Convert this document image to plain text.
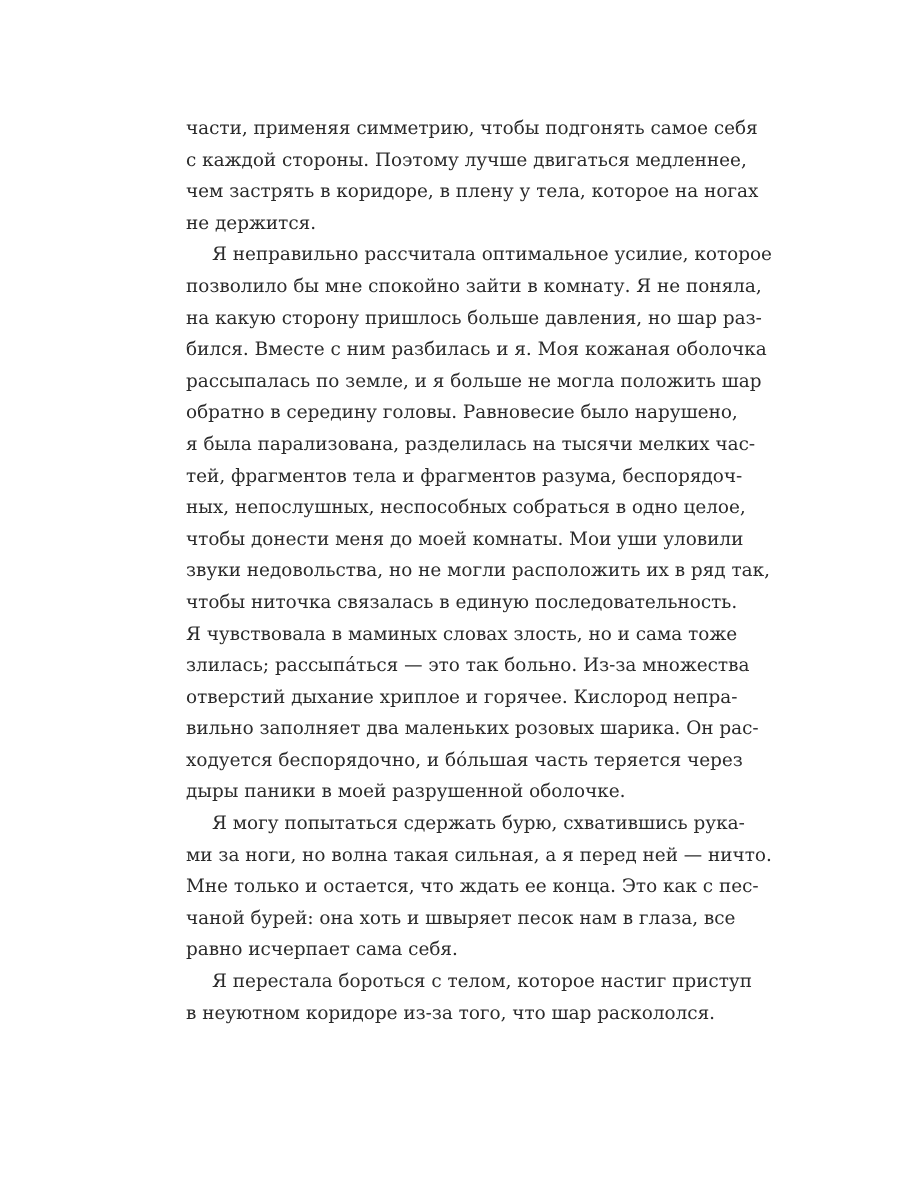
части, применяя симметрию, чтобы подгонять самое себя
с каждой стороны. Поэтому лучше двигаться медленнее,
чем застрять в коридоре, в плену у тела, которое на ногах
не держится.

Я неправильно рассчитала оптимальное усилие, которое
позволило бы мне спокойно зайти в комнату. Я не поняла,
на какую сторону пришлось больше давления, но шар раз-
бился. Вместе с ним разбилась и я. Моя кожаная оболочка
рассыпалась по земле, и я больше не могла положить шар
обратно в середину головы. Равновесие было нарушено,
я была парализована, разделилась на тысячи мелких час-
тей, фрагментов тела и фрагментов разума, беспорядоч-
ных, непослушных, неспособных собраться в одно целое,
чтобы донести меня до моей комнаты. Мои уши уловили
звуки недовольства, но не могли расположить их в ряд так,
чтобы ниточка связалась в единую последовательность.
Я чувствовала в маминых словах злость, но и сама тоже
злилась; рассыпáться — это так больно. Из-за множества
отверстий дыхание хриплое и горячее. Кислород непра-
вильно заполняет два маленьких розовых шарика. Он рас-
ходуется беспорядочно, и бóльшая часть теряется через
дыры паники в моей разрушенной оболочке.

Я могу попытаться сдержать бурю, схватившись рука-
ми за ноги, но волна такая сильная, а я перед ней — ничто.
Мне только и остается, что ждать ее конца. Это как с пес-
чаной бурей: она хоть и швыряет песок нам в глаза, все
равно исчерпает сама себя.

Я перестала бороться с телом, которое настиг приступ
в неуютном коридоре из-за того, что шар раскололся.
